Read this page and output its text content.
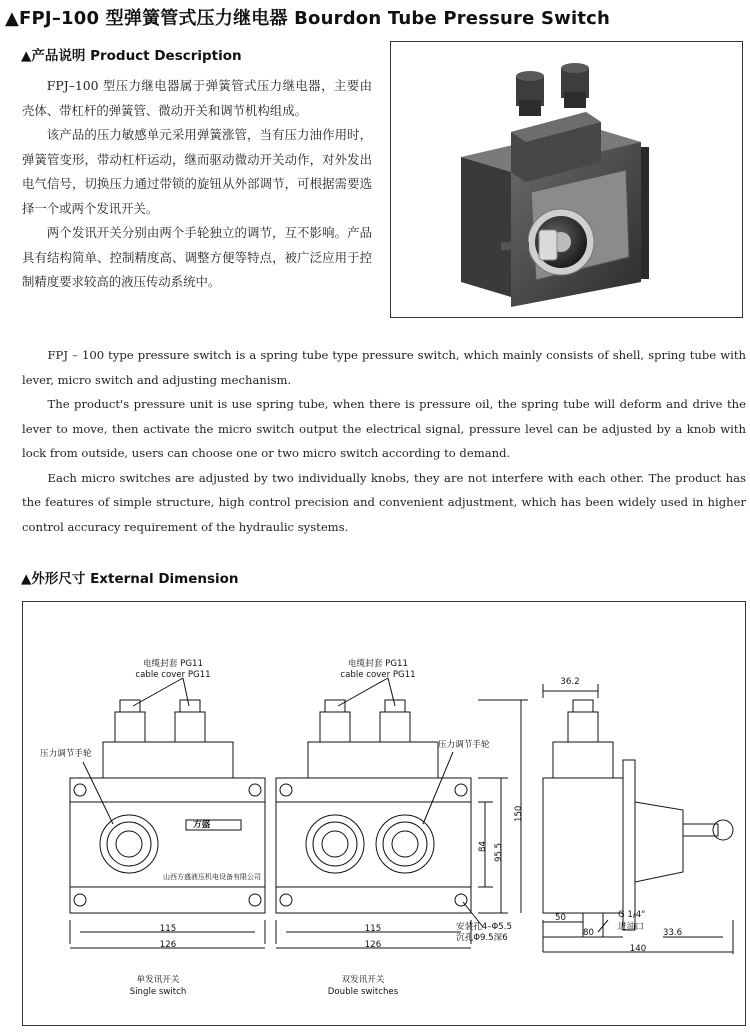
▲FPJ–100 型弹簧管式压力继电器 Bourdon Tube Pressure Switch
▲产品说明 Product Description

FPJ–100 型压力继电器属于弹簧管式压力继电器，主要由壳体、带杠杆的弹簧管、微动开关和调节机构组成。

该产品的压力敏感单元采用弹簧涨管，当有压力油作用时，弹簧管变形，带动杠杆运动，继而驱动微动开关动作，对外发出电气信号，切换压力通过带锁的旋钮从外部调节，可根据需要选择一个或两个发讯开关。

两个发讯开关分别由两个手轮独立的调节，互不影响。产品具有结构简单、控制精度高、调整方便等特点，被广泛应用于控制精度要求较高的液压传动系统中。

FPJ – 100 type pressure switch is a spring tube type pressure switch, which mainly consists of shell, spring tube with lever, micro switch and adjusting mechanism.

The product's pressure unit is use spring tube, when there is pressure oil, the spring tube will deform and drive the lever to move, then activate the micro switch output the electrical signal, pressure level can be adjusted by a knob with lock from outside, users can choose one or two micro switch according to demand.

Each micro switches are adjusted by two individually knobs, they are not interfere with each other. The product has the features of simple structure, high control precision and convenient adjustment, which has been widely used in higher control accuracy requirement of the hydraulic systems.

▲外形尺寸 External Dimension
电缆封套 PG11
cable cover PG11
电缆封套 PG11
cable cover PG11
压力调节手轮
压力调节手轮
方盛
山西方盛液压机电设备有限公司
115
126
115
126
84 95.5
150
36.2
50
80	33.6
140
安装孔4–Φ5.5
沉孔Φ9.5深6
G 1/4"
进油口
单发讯开关
Single switch
双发讯开关
Double switches
